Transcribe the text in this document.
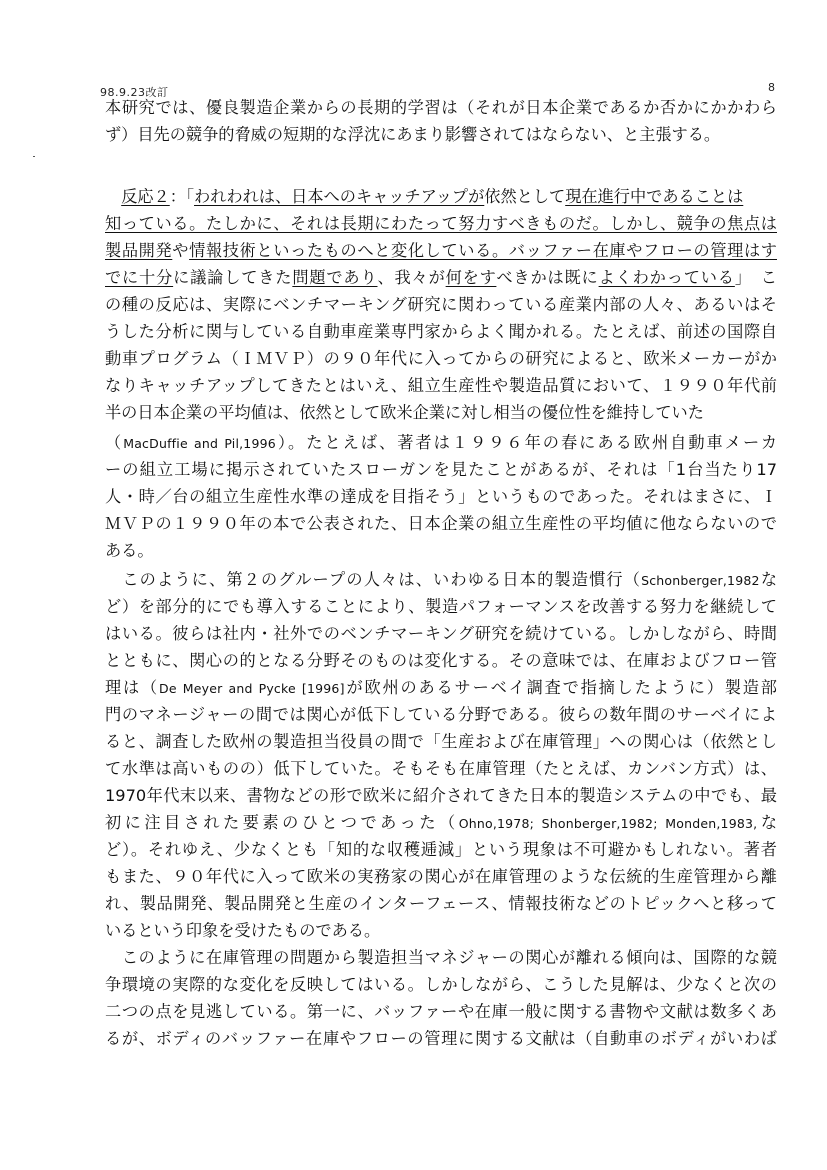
98.9.23改訂	8
本研究では、優良製造企業からの長期的学習は（それが日本企業であるか否かにかかわら
ず）目先の競争的脅威の短期的な浮沈にあまり影響されてはならない、と主張する。
　反応２：「われわれは、日本へのキャッチアップが依然として現在進行中であることは
知っている。たしかに、それは長期にわたって努力すべきものだ。しかし、競争の焦点は
製品開発や情報技術といったものへと変化している。バッファー在庫やフローの管理はす
でに十分に議論してきた問題であり、我々が何をすべきかは既によくわかっている」　こ
の種の反応は、実際にベンチマーキング研究に関わっている産業内部の人々、あるいはそ
うした分析に関与している自動車産業専門家からよく聞かれる。たとえば、前述の国際自
動車プログラム（ＩＭＶＰ）の９０年代に入ってからの研究によると、欧米メーカーがか
なりキャッチアップしてきたとはいえ、組立生産性や製造品質において、１９９０年代前
半の日本企業の平均値は、依然として欧米企業に対し相当の優位性を維持していた
（MacDuffie and Pil,1996）。たとえば、著者は１９９６年の春にある欧州自動車メーカ
ーの組立工場に掲示されていたスローガンを見たことがあるが、それは「1台当たり17
人・時／台の組立生産性水準の達成を目指そう」というものであった。それはまさに、Ｉ
ＭＶＰの１９９０年の本で公表された、日本企業の組立生産性の平均値に他ならないので
ある。
　このように、第２のグループの人々は、いわゆる日本的製造慣行（Schonberger,1982な
ど）を部分的にでも導入することにより、製造パフォーマンスを改善する努力を継続して
はいる。彼らは社内・社外でのベンチマーキング研究を続けている。しかしながら、時間
とともに、関心の的となる分野そのものは変化する。その意味では、在庫およびフロー管
理は（De Meyer and Pycke [1996]が欧州のあるサーベイ調査で指摘したように）製造部
門のマネージャーの間では関心が低下している分野である。彼らの数年間のサーベイによ
ると、調査した欧州の製造担当役員の間で「生産および在庫管理」への関心は（依然とし
て水準は高いものの）低下していた。そもそも在庫管理（たとえば、カンバン方式）は、
1970年代末以来、書物などの形で欧米に紹介されてきた日本的製造システムの中でも、最
初に注目された要素のひとつであった（Ohno,1978; Shonberger,1982; Monden,1983,な
ど）。それゆえ、少なくとも「知的な収穫逓減」という現象は不可避かもしれない。著者
もまた、９０年代に入って欧米の実務家の関心が在庫管理のような伝統的生産管理から離
れ、製品開発、製品開発と生産のインターフェース、情報技術などのトピックへと移って
いるという印象を受けたものである。
　このように在庫管理の問題から製造担当マネジャーの関心が離れる傾向は、国際的な競
争環境の実際的な変化を反映してはいる。しかしながら、こうした見解は、少なくと次の
二つの点を見逃している。第一に、バッファーや在庫一般に関する書物や文献は数多くあ
るが、ボディのバッファー在庫やフローの管理に関する文献は（自動車のボディがいわば
